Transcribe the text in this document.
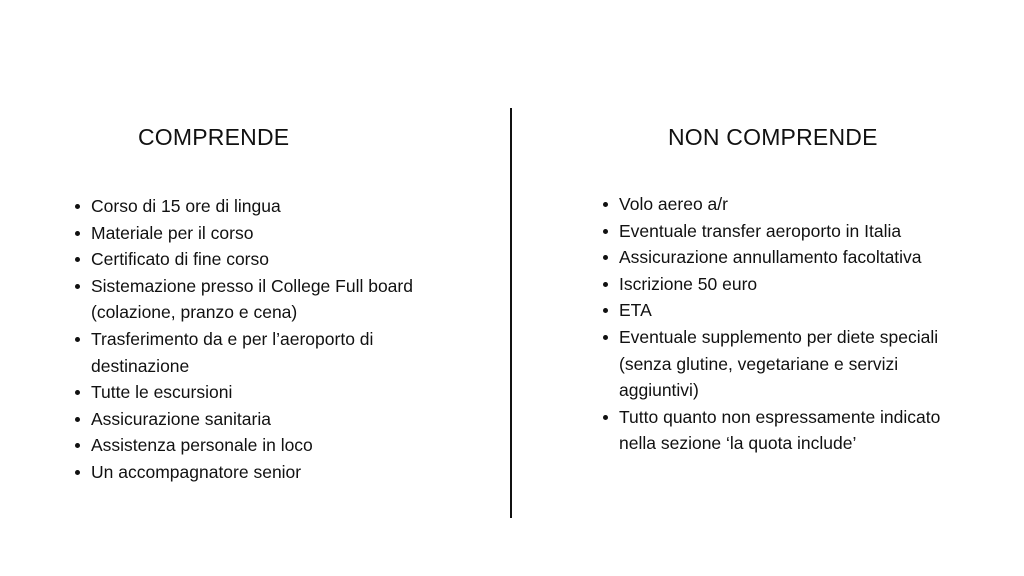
COMPRENDE
Corso di 15 ore di lingua
Materiale per il corso
Certificato di fine corso
Sistemazione presso il College Full board (colazione, pranzo e cena)
Trasferimento da e per l’aeroporto di destinazione
Tutte le escursioni
Assicurazione sanitaria
Assistenza personale in loco
Un accompagnatore senior
NON COMPRENDE
Volo aereo a/r
Eventuale transfer aeroporto in Italia
Assicurazione annullamento facoltativa
Iscrizione 50 euro
ETA
Eventuale supplemento per diete speciali (senza glutine, vegetariane e servizi aggiuntivi)
Tutto quanto non espressamente indicato nella sezione ‘la quota include’
